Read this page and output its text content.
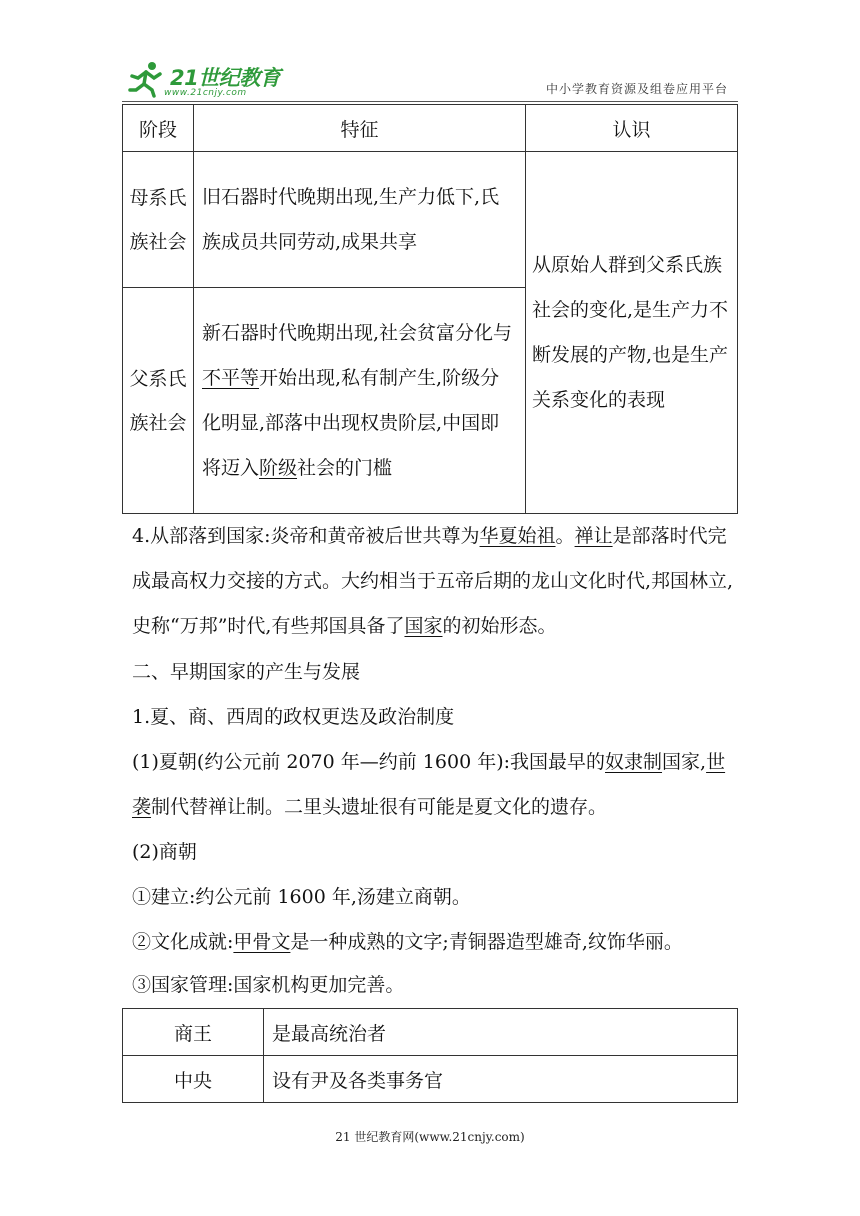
21世纪教育
www.21cnjy.com	中小学教育资源及组卷应用平台
阶段	特征	认识
母系氏族社会	旧石器时代晚期出现,生产力低下,氏族成员共同劳动,成果共享	从原始人群到父系氏族社会的变化,是生产力不断发展的产物,也是生产关系变化的表现
父系氏族社会	新石器时代晚期出现,社会贫富分化与不平等开始出现,私有制产生,阶级分化明显,部落中出现权贵阶层,中国即将迈入阶级社会的门槛	
4.从部落到国家:炎帝和黄帝被后世共尊为华夏始祖。禅让是部落时代完成最高权力交接的方式。大约相当于五帝后期的龙山文化时代,邦国林立,史称“万邦”时代,有些邦国具备了国家的初始形态。
二、早期国家的产生与发展
1.夏、商、西周的政权更迭及政治制度
(1)夏朝(约公元前 2070 年—约前 1600 年):我国最早的奴隶制国家,世袭制代替禅让制。二里头遗址很有可能是夏文化的遗存。
(2)商朝
①建立:约公元前 1600 年,汤建立商朝。
②文化成就:甲骨文是一种成熟的文字;青铜器造型雄奇,纹饰华丽。
③国家管理:国家机构更加完善。
商王	是最高统治者
中央	设有尹及各类事务官
21 世纪教育网(www.21cnjy.com)
